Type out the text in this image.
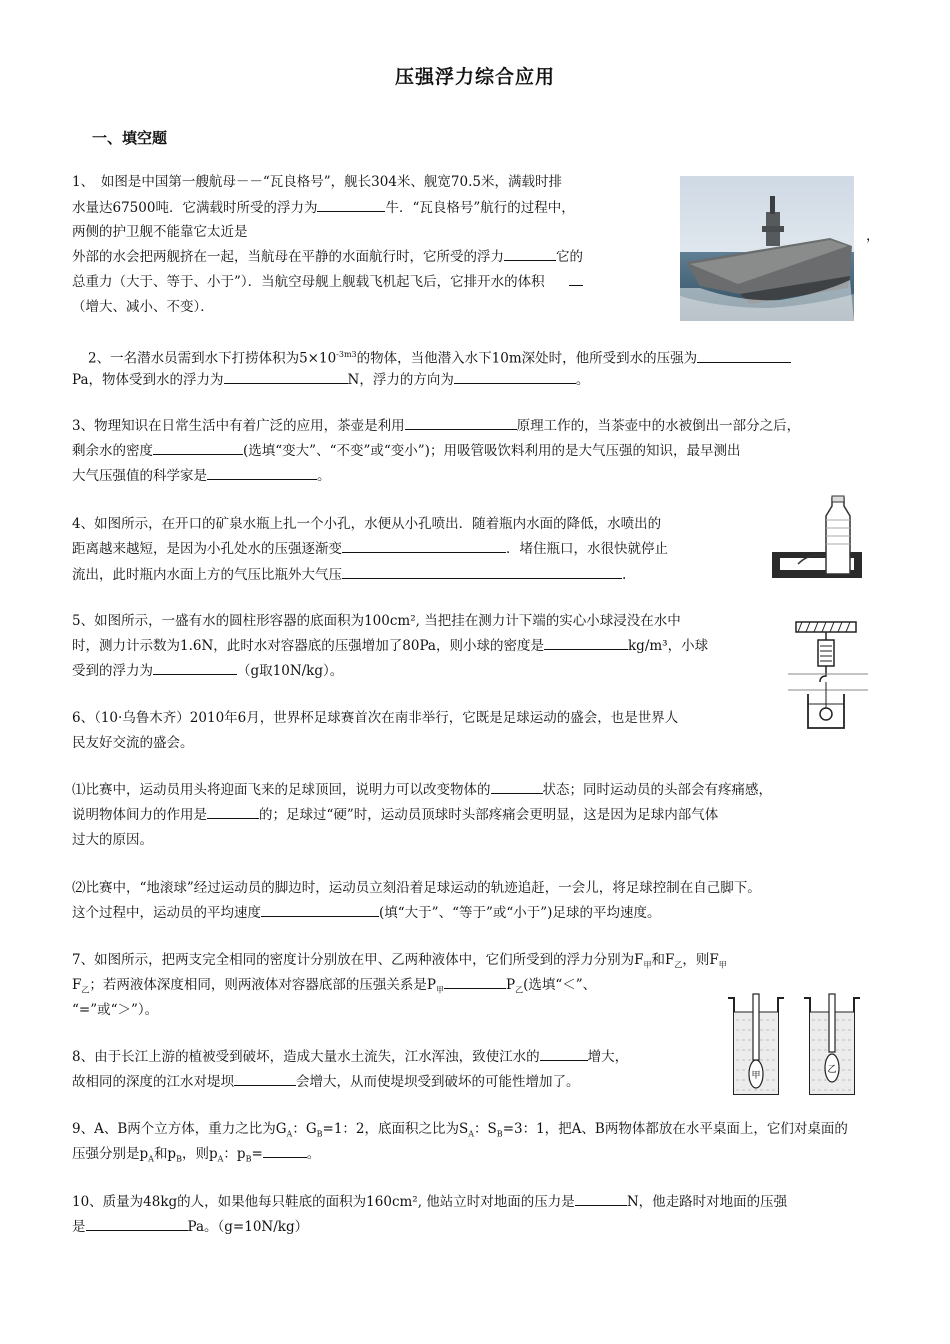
压强浮力综合应用
一、填空题
1、　如图是中国第一艘航母－－“瓦良格号”，舰长304米、舰宽70.5米，满载时排
水量达67500吨．它满载时所受的浮力为	牛．“瓦良格号”航行的过程中，
两侧的护卫舰不能靠它太近是	，
外部的水会把两舰挤在一起，当航母在平静的水面航行时，它所受的浮力	它的
总重力（大于、等于、小于”）．当航空母舰上舰载飞机起飞后，它排开水的体积
（增大、减小、不变）．
2、一名潜水员需到水下打捞体积为$5\times 10^{-3m3}$的物体，当他潜入水下10m深处时，他所受到水的压强为
Pa，物体受到水的浮力为	N，浮力的方向为	。
3、物理知识在日常生活中有着广泛的应用，茶壶是利用	原理工作的，当茶壶中的水被倒出一部分之后，
剩余水的密度	(选填“变大”、“不变”或“变小”)；用吸管吸饮料利用的是大气压强的知识，最早测出
大气压强值的科学家是	。
4、如图所示，在开口的矿泉水瓶上扎一个小孔，水便从小孔喷出．随着瓶内水面的降低，水喷出的
距离越来越短，是因为小孔处水的压强逐渐变	．堵住瓶口，水很快就停止
流出，此时瓶内水面上方的气压比瓶外大气压	.
5、如图所示，一盛有水的圆柱形容器的底面积为100cm², 当把挂在测力计下端的实心小球浸没在水中
时，测力计示数为1.6N，此时水对容器底的压强增加了80Pa，则小球的密度是	kg/m³，小球
受到的浮力为	（g取10N/kg）。
6、（10·乌鲁木齐）2010年6月，世界杯足球赛首次在南非举行，它既是足球运动的盛会，也是世界人
民友好交流的盛会。
⑴比赛中，运动员用头将迎面飞来的足球顶回，说明力可以改变物体的	状态；同时运动员的头部会有疼痛感，
说明物体间力的作用是	的；足球过“硬”时，运动员顶球时头部疼痛会更明显，这是因为足球内部气体
过大的原因。
⑵比赛中，“地滚球”经过运动员的脚边时，运动员立刻沿着足球运动的轨迹追赶，一会儿，将足球控制在自己脚下。
这个过程中，运动员的平均速度	(填“大于”、“等于”或“小于”)足球的平均速度。
7、如图所示，把两支完全相同的密度计分别放在甲、乙两种液体中，它们所受到的浮力分别为$F_甲$和$F_乙$，则$F_甲$
$F_乙$；若两液体深度相同，则两液体对容器底部的压强关系是$P_甲$	$P_乙$(选填“＜”、
“=”或“＞”）。
甲
乙
8、由于长江上游的植被受到破坏，造成大量水土流失，江水浑浊，致使江水的	增大，
故相同的深度的江水对堤坝	会增大，从而使堤坝受到破坏的可能性增加了。
9、A、B两个立方体，重力之比为$G_A$：$G_B=1$：2，底面积之比为$S_A$：$S_B=3$：1，把A、B两物体都放在水平桌面上，它们对桌面的
压强分别是$p_A$和$p_B$，则$p_A$：$p_B=$	。
10、质量为48kg的人，如果他每只鞋底的面积为160cm², 他站立时对地面的压力是	N，他走路时对地面的压强
是	Pa。（g=10N/kg）
